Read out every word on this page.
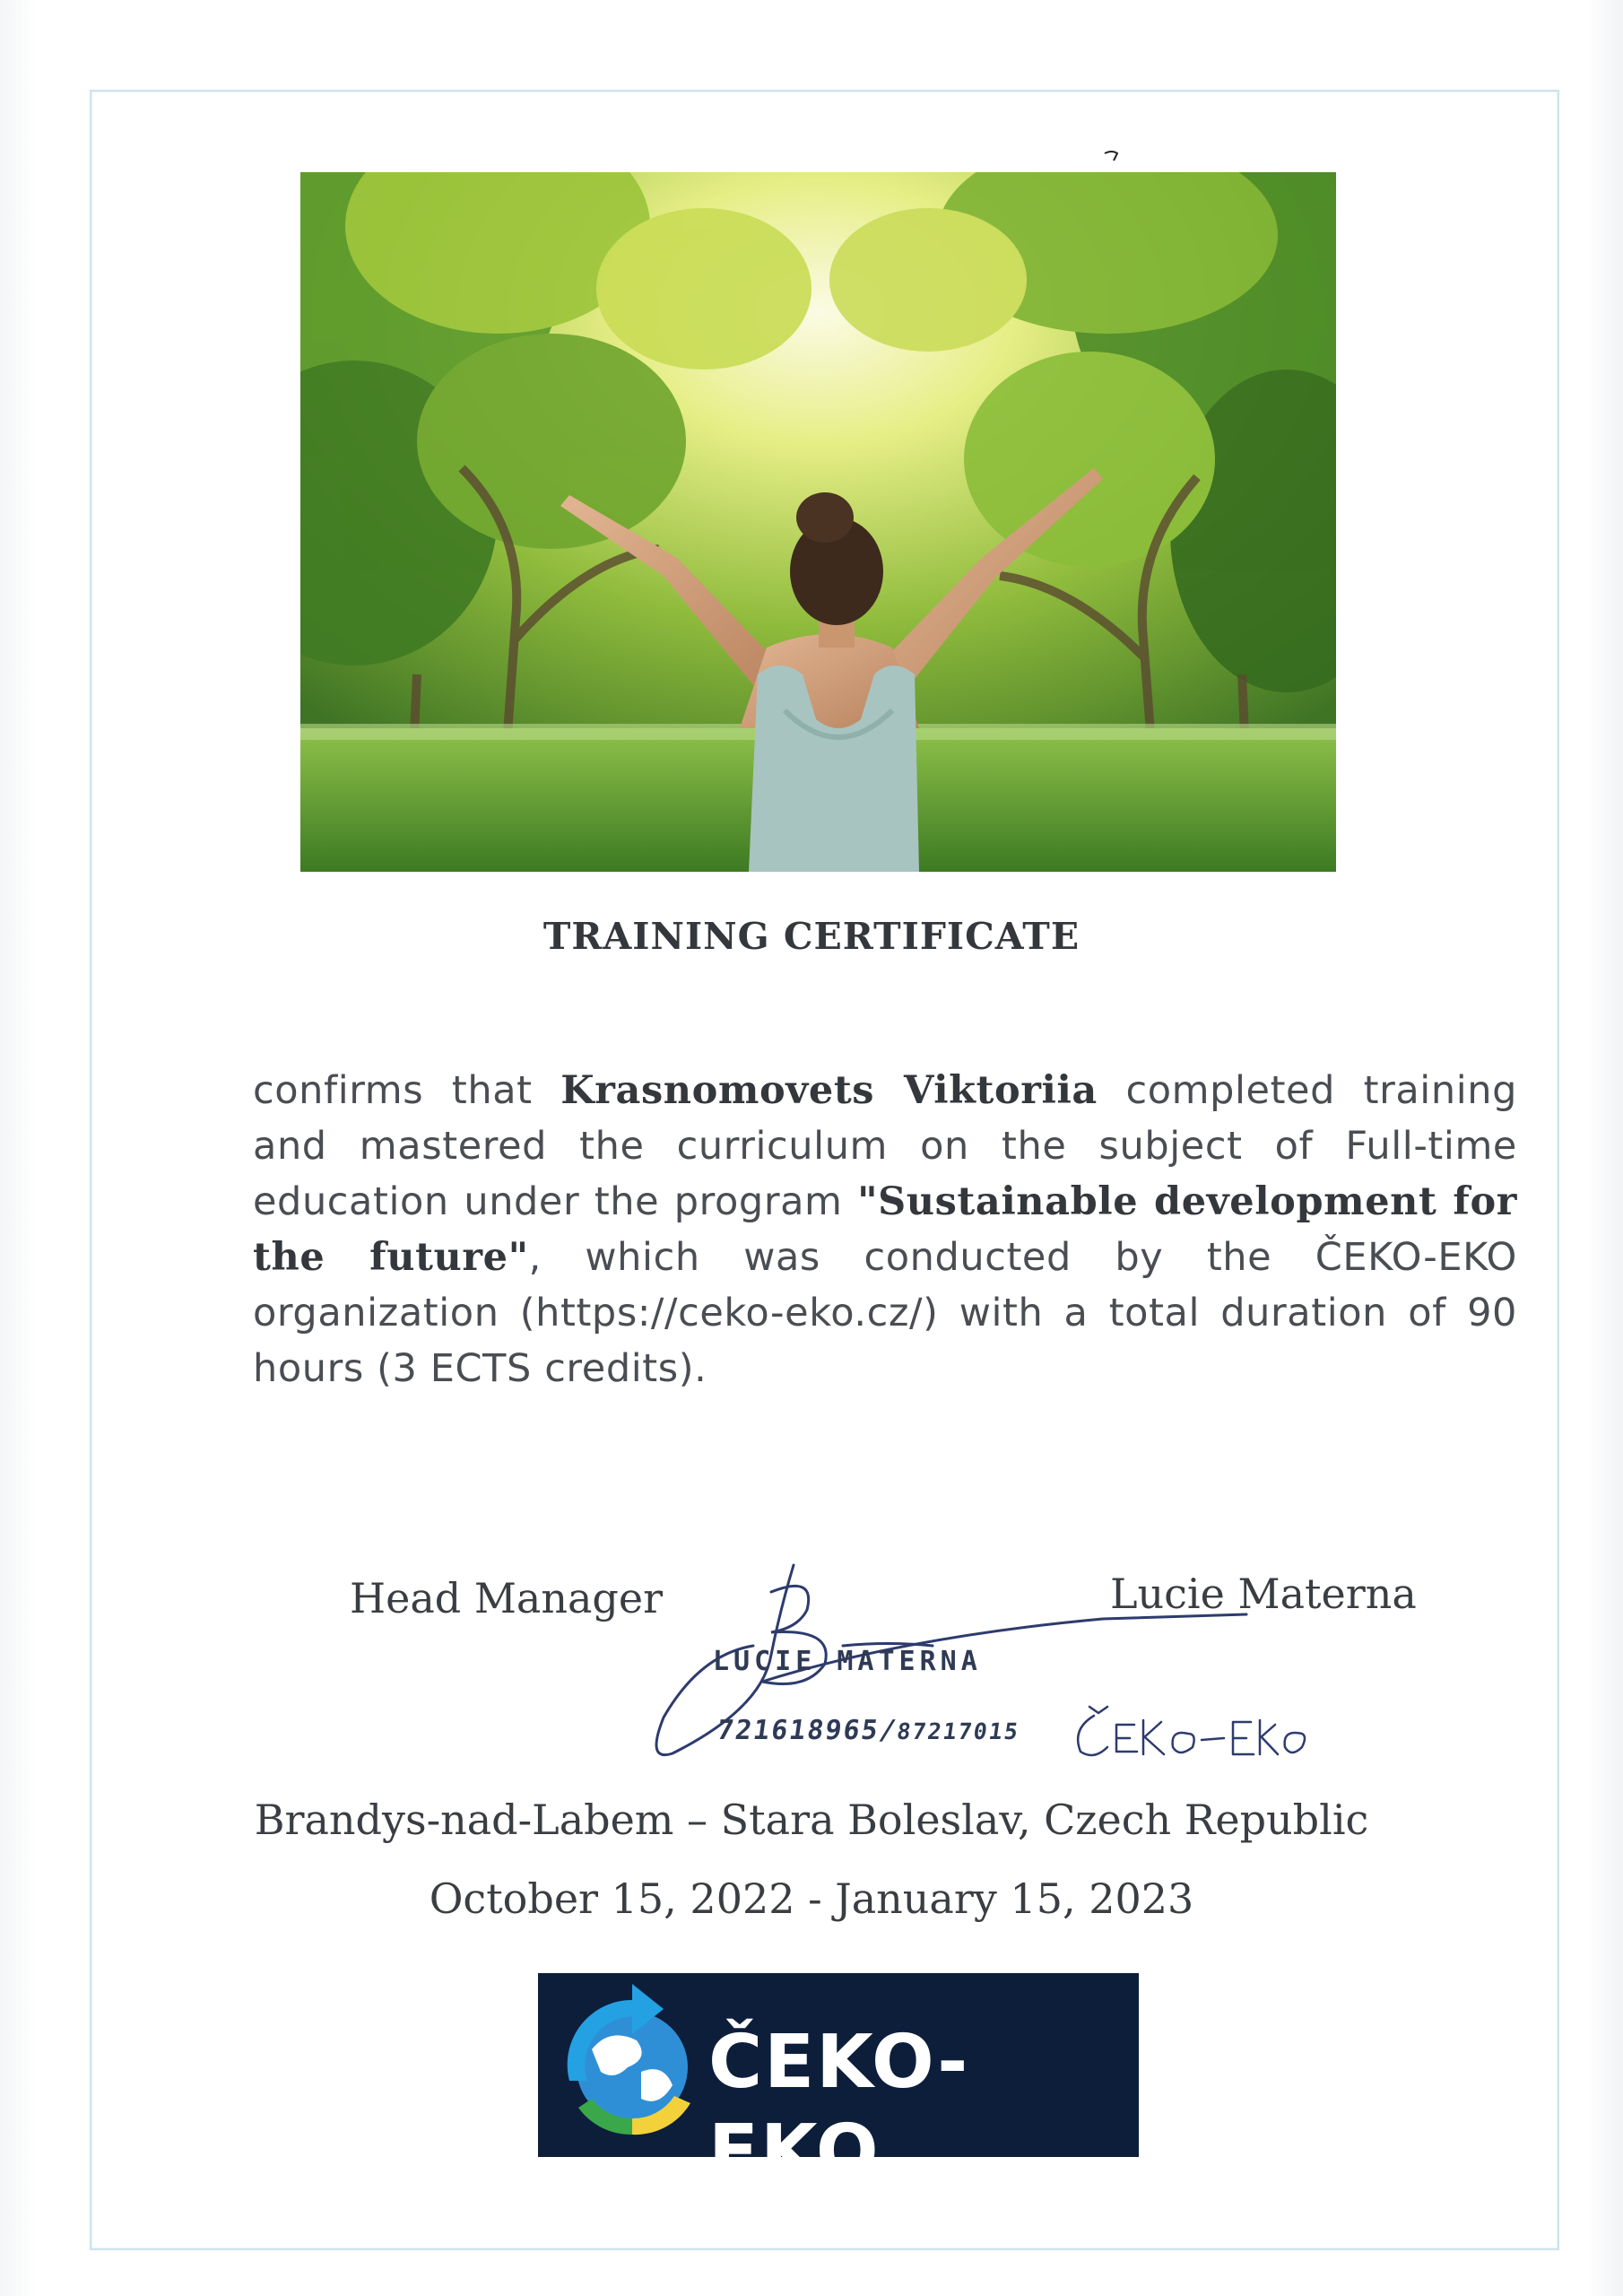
TRAINING CERTIFICATE
confirms that Krasnomovets Viktoriia completed training and mastered the curriculum on the subject of Full-time education under the program "Sustainable development for the future", which was conducted by the ČEKO-EKO organization (https://ceko-eko.cz/) with a total duration of 90 hours (3 ECTS credits).
Head Manager	Lucie Materna
LUCIE MATERNA
721618965/87217015
Brandys-nad-Labem – Stara Boleslav, Czech Republic
October 15, 2022 - January 15, 2023
ČEKO-EKO
